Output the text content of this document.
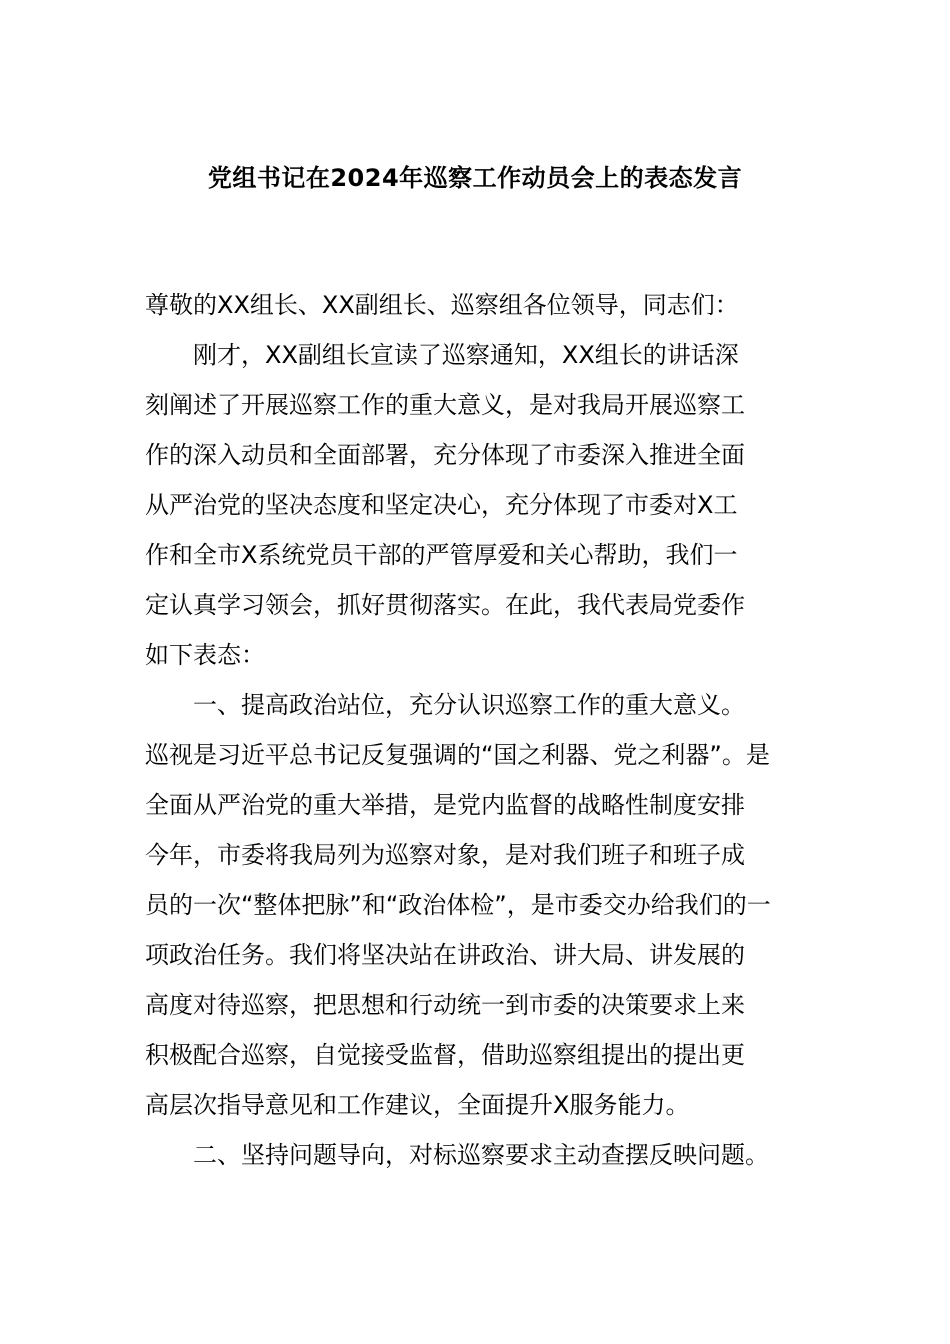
党组书记在2024年巡察工作动员会上的表态发言
尊敬的XX组长、XX副组长、巡察组各位领导，同志们：
刚才，XX副组长宣读了巡察通知，XX组长的讲话深
刻阐述了开展巡察工作的重大意义，是对我局开展巡察工
作的深入动员和全面部署，充分体现了市委深入推进全面
从严治党的坚决态度和坚定决心，充分体现了市委对X工
作和全市X系统党员干部的严管厚爱和关心帮助，我们一
定认真学习领会，抓好贯彻落实。在此，我代表局党委作
如下表态：
一、提高政治站位，充分认识巡察工作的重大意义。
巡视是习近平总书记反复强调的“国之利器、党之利器”。是
全面从严治党的重大举措，是党内监督的战略性制度安排
今年，市委将我局列为巡察对象，是对我们班子和班子成
员的一次“整体把脉”和“政治体检”，是市委交办给我们的一
项政治任务。我们将坚决站在讲政治、讲大局、讲发展的
高度对待巡察，把思想和行动统一到市委的决策要求上来
积极配合巡察，自觉接受监督，借助巡察组提出的提出更
高层次指导意见和工作建议，全面提升X服务能力。
二、坚持问题导向，对标巡察要求主动查摆反映问题。
